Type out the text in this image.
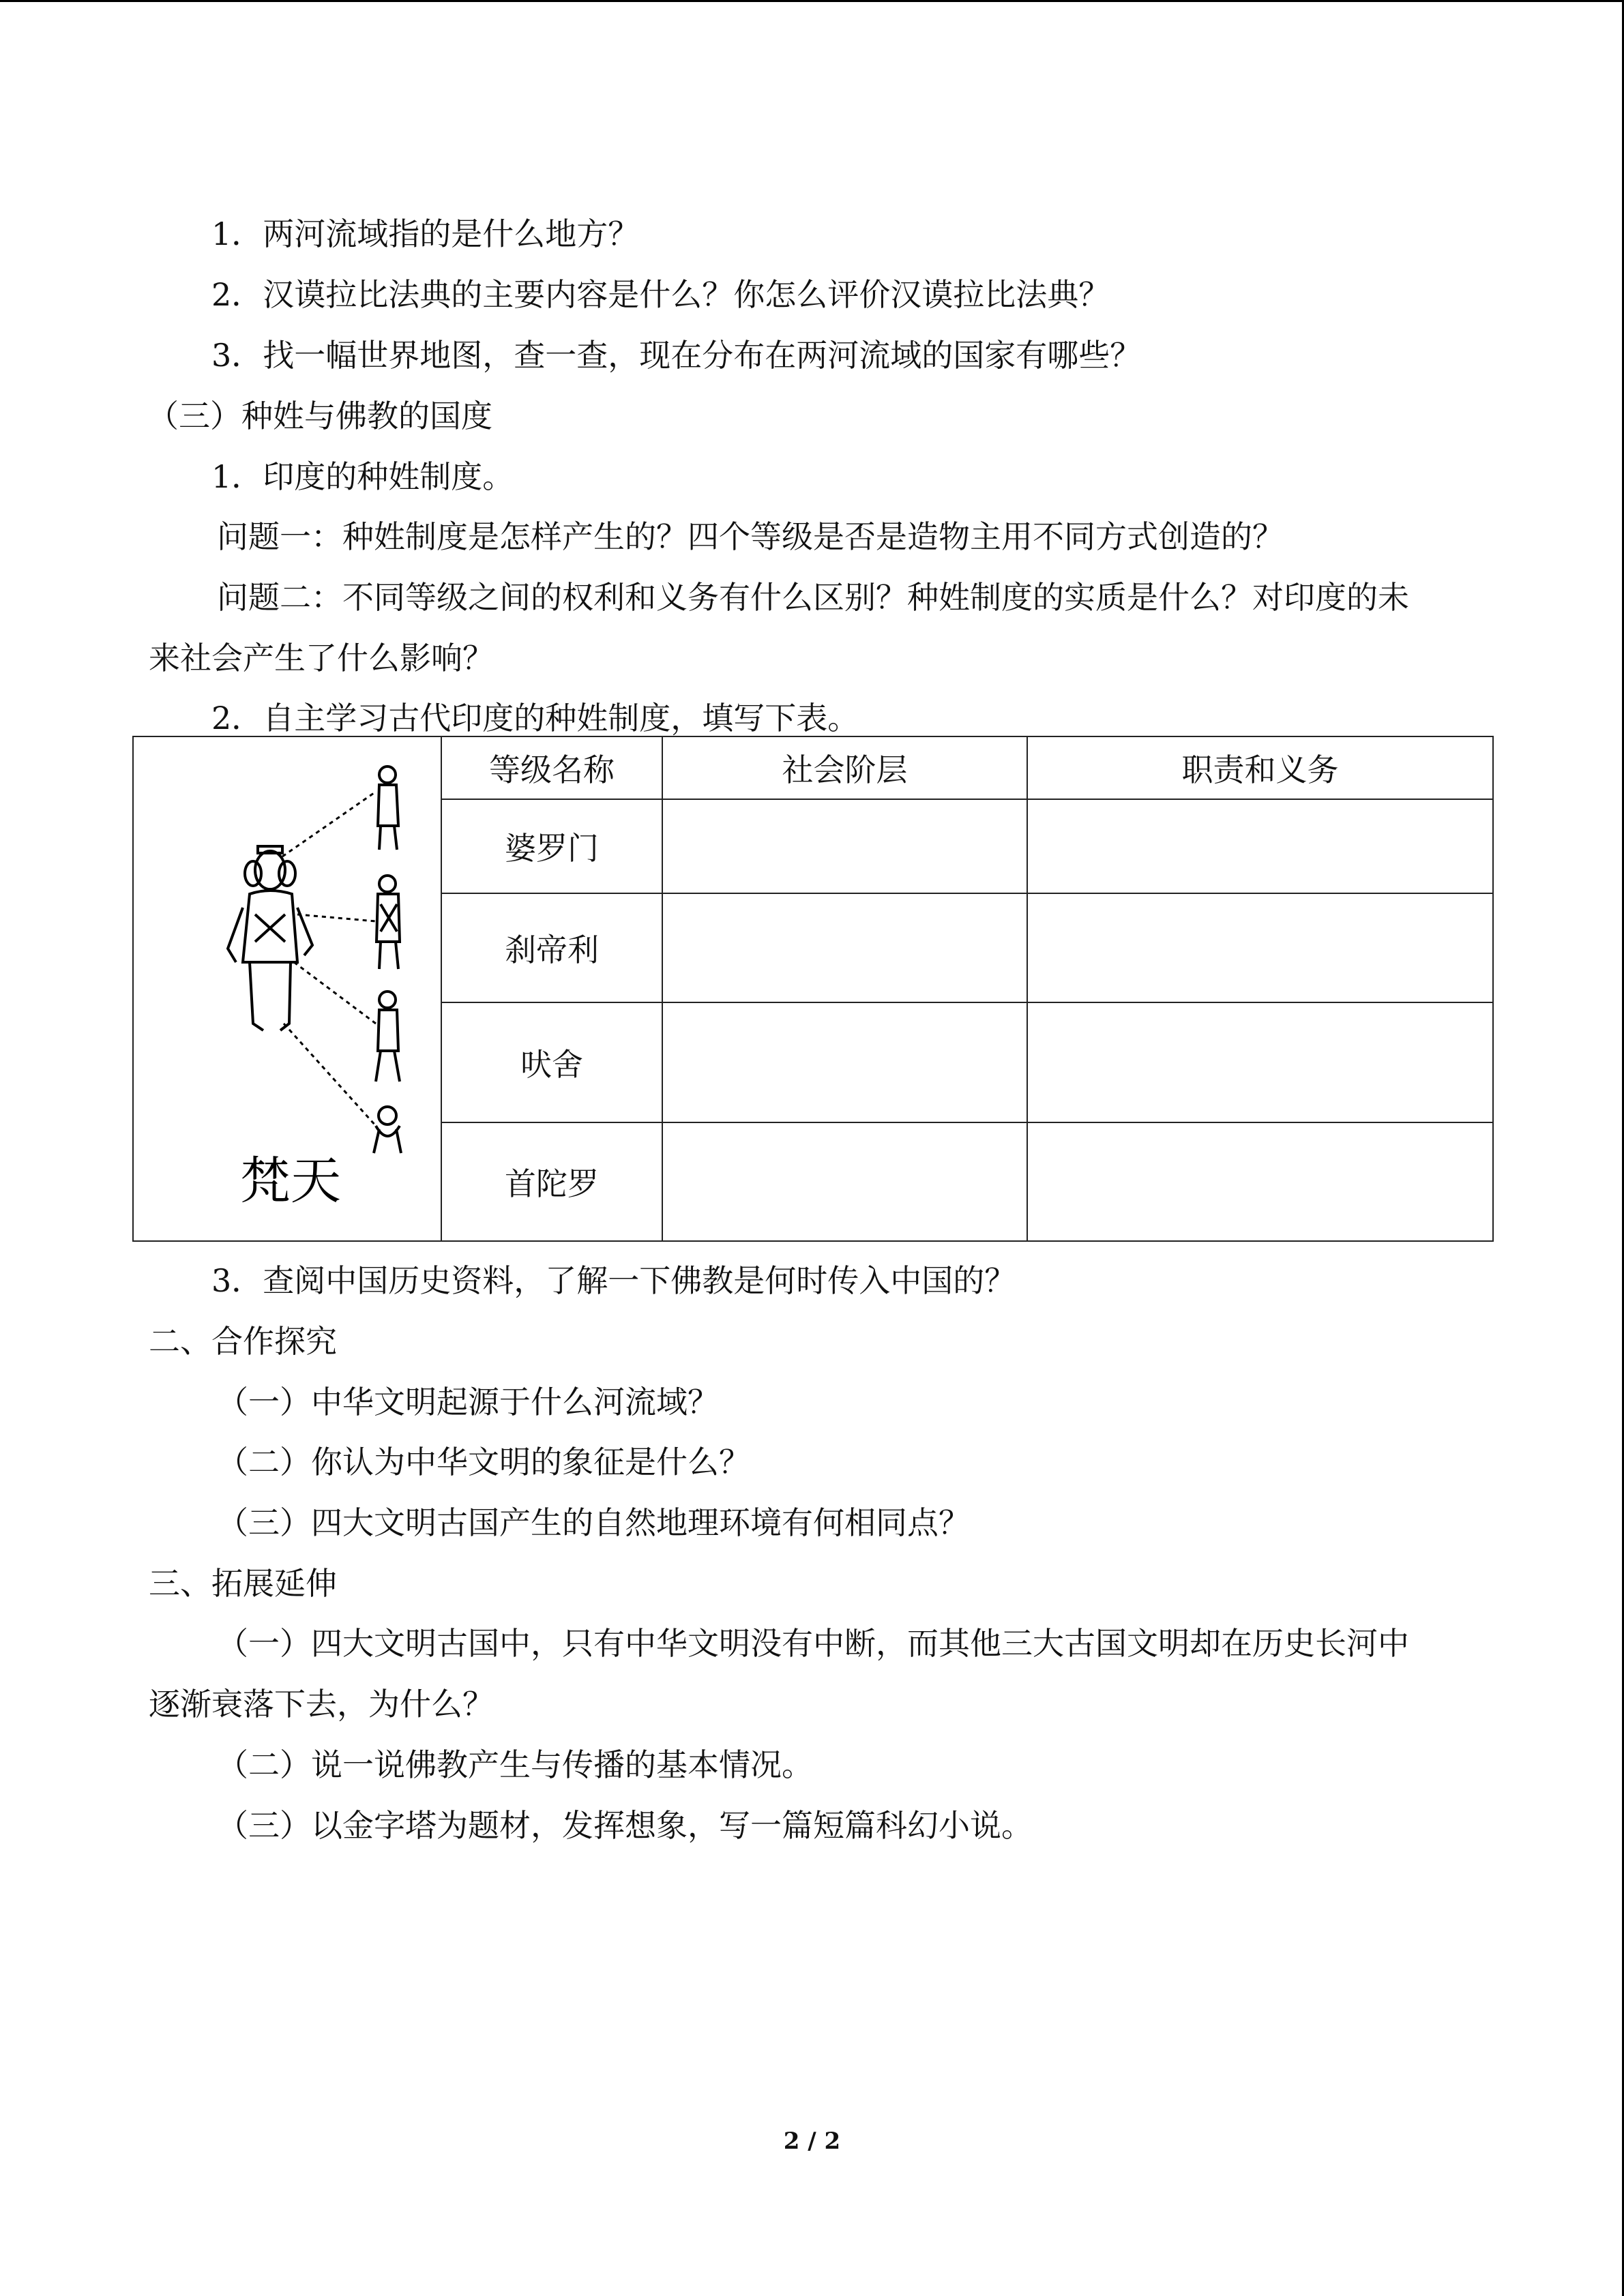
1．两河流域指的是什么地方？
2．汉谟拉比法典的主要内容是什么？你怎么评价汉谟拉比法典？
3．找一幅世界地图，查一查，现在分布在两河流域的国家有哪些？
（三）种姓与佛教的国度
1．印度的种姓制度。
问题一：种姓制度是怎样产生的？四个等级是否是造物主用不同方式创造的？
问题二：不同等级之间的权利和义务有什么区别？种姓制度的实质是什么？对印度的未
来社会产生了什么影响？
2．自主学习古代印度的种姓制度，填写下表。
梵天	等级名称	社会阶层	职责和义务
	婆罗门		
	刹帝利		
	吠舍		
	首陀罗		
3．查阅中国历史资料，了解一下佛教是何时传入中国的？
二、合作探究
（一）中华文明起源于什么河流域？
（二）你认为中华文明的象征是什么？
（三）四大文明古国产生的自然地理环境有何相同点？
三、拓展延伸
（一）四大文明古国中，只有中华文明没有中断，而其他三大古国文明却在历史长河中
逐渐衰落下去，为什么？
（二）说一说佛教产生与传播的基本情况。
（三）以金字塔为题材，发挥想象，写一篇短篇科幻小说。
2 / 2
